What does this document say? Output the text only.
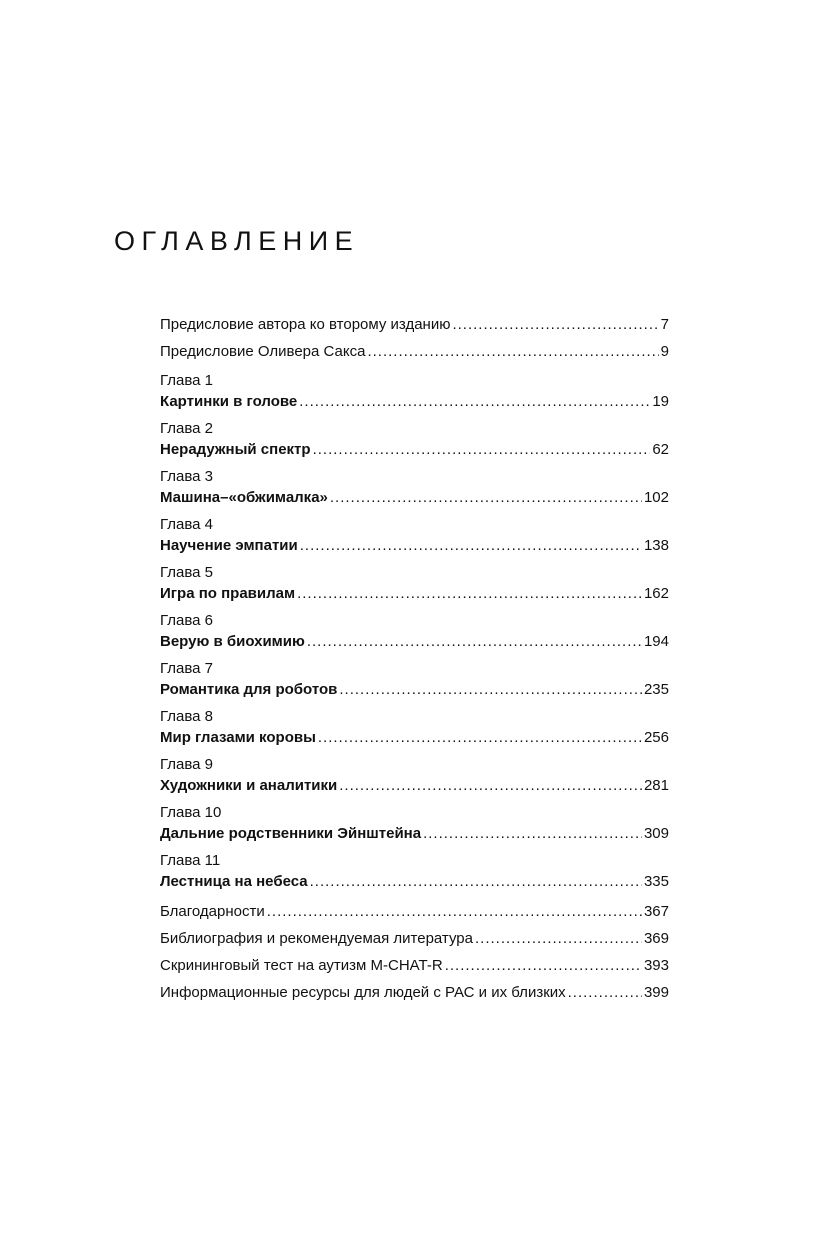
ОГЛАВЛЕНИЕ
Предисловие автора ко второму изданию .....	7
Предисловие Оливера Сакса .....	9
Глава 1
Картинки в голове .....	19
Глава 2
Нерадужный спектр .....	62
Глава 3
Машина–«обжималка» .....	102
Глава 4
Научение эмпатии .....	138
Глава 5
Игра по правилам .....	162
Глава 6
Верую в биохимию .....	194
Глава 7
Романтика для роботов .....	235
Глава 8
Мир глазами коровы .....	256
Глава 9
Художники и аналитики .....	281
Глава 10
Дальние родственники Эйнштейна .....	309
Глава 11
Лестница на небеса .....	335
Благодарности .....	367
Библиография и рекомендуемая литература .....	369
Скрининговый тест на аутизм M-CHAT-R .....	393
Информационные ресурсы для людей с РАС и их близких .....	399
